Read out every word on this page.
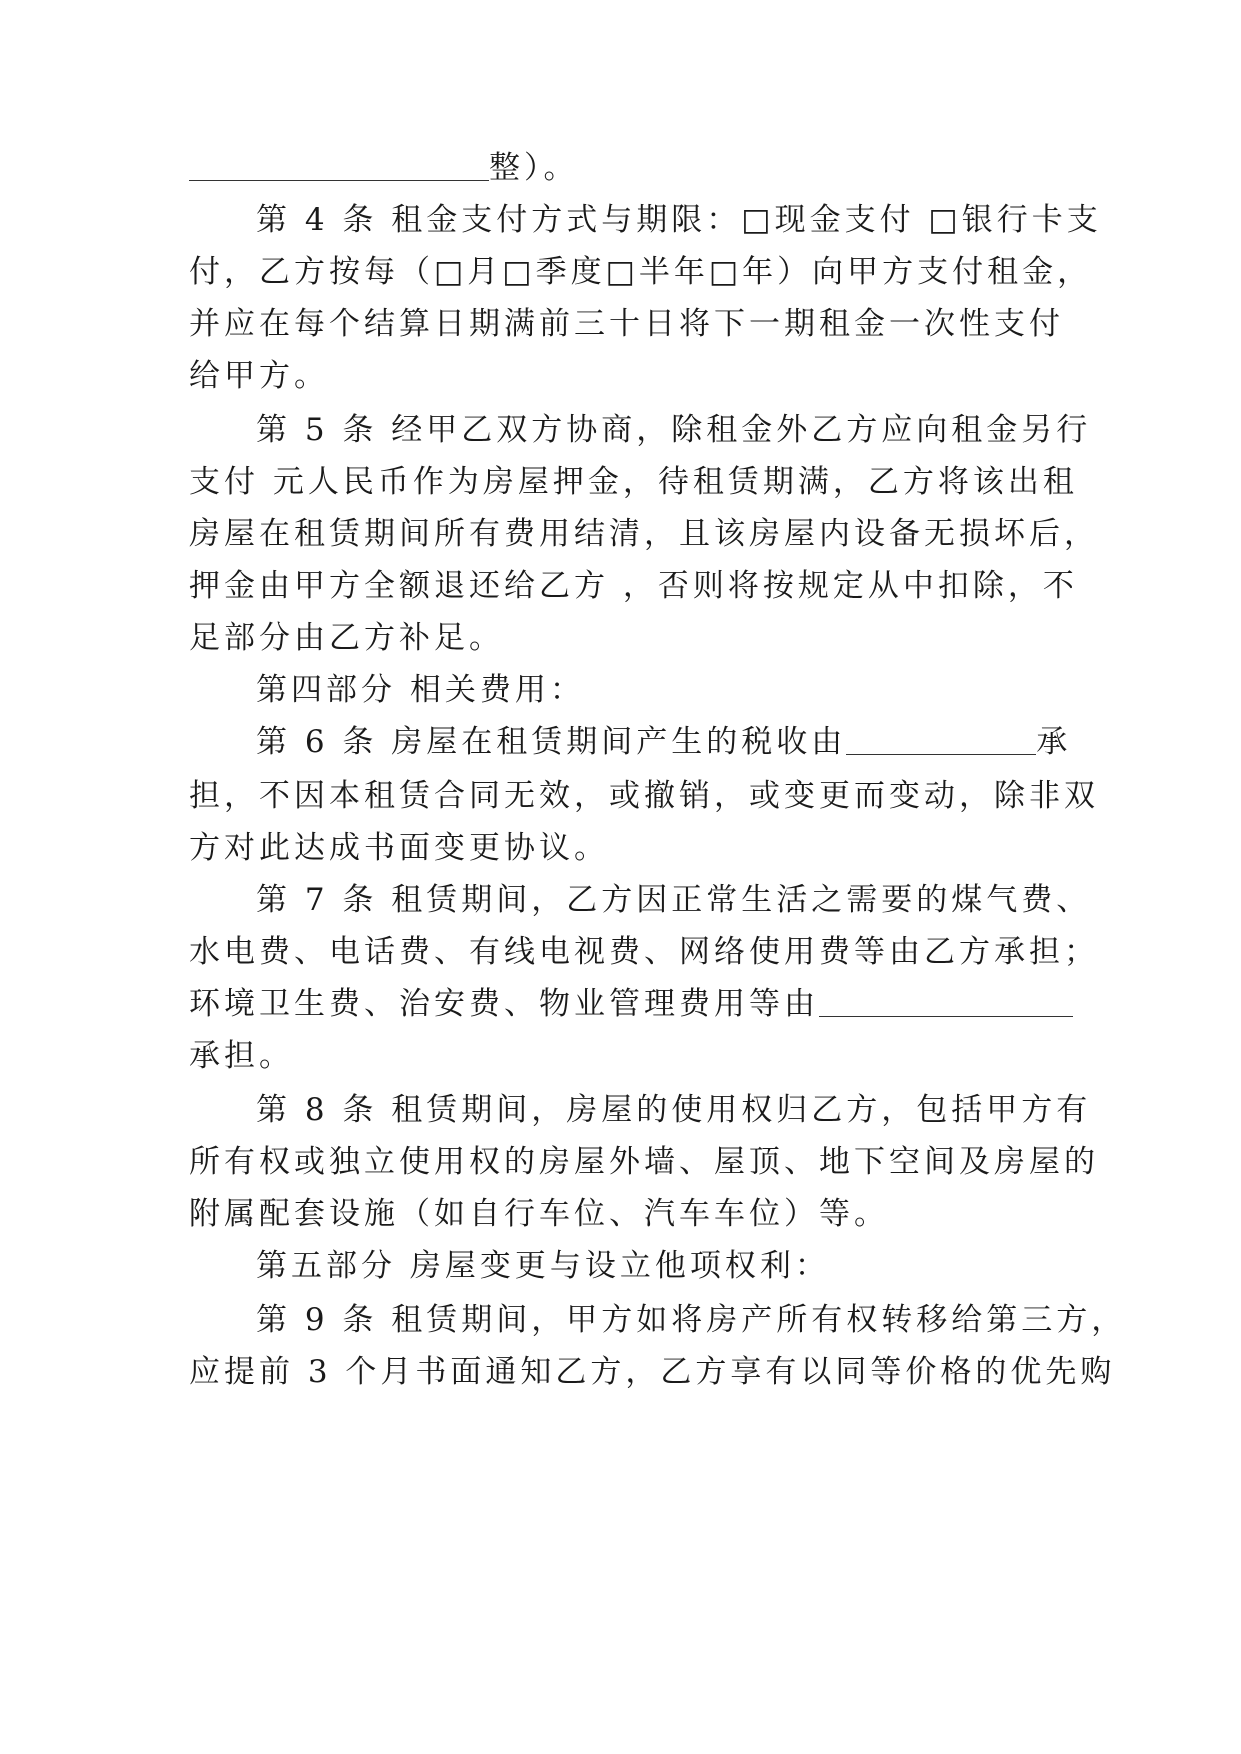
整）。
第 4 条 租金支付方式与期限：□现金支付 □银行卡支
付，乙方按每（□月□季度□半年□年）向甲方支付租金，
并应在每个结算日期满前三十日将下一期租金一次性支付
给甲方。
第 5 条 经甲乙双方协商，除租金外乙方应向租金另行
支付 元人民币作为房屋押金，待租赁期满，乙方将该出租
房屋在租赁期间所有费用结清，且该房屋内设备无损坏后，
押金由甲方全额退还给乙方 ，否则将按规定从中扣除，不
足部分由乙方补足。
第四部分 相关费用：
第 6 条 房屋在租赁期间产生的税收由	承
担，不因本租赁合同无效，或撤销，或变更而变动，除非双
方对此达成书面变更协议。
第 7 条 租赁期间，乙方因正常生活之需要的煤气费、
水电费、电话费、有线电视费、网络使用费等由乙方承担；
环境卫生费、治安费、物业管理费用等由
承担。
第 8 条 租赁期间，房屋的使用权归乙方，包括甲方有
所有权或独立使用权的房屋外墙、屋顶、地下空间及房屋的
附属配套设施（如自行车位、汽车车位）等。
第五部分 房屋变更与设立他项权利：
第 9 条 租赁期间，甲方如将房产所有权转移给第三方，
应提前 3 个月书面通知乙方，乙方享有以同等价格的优先购
